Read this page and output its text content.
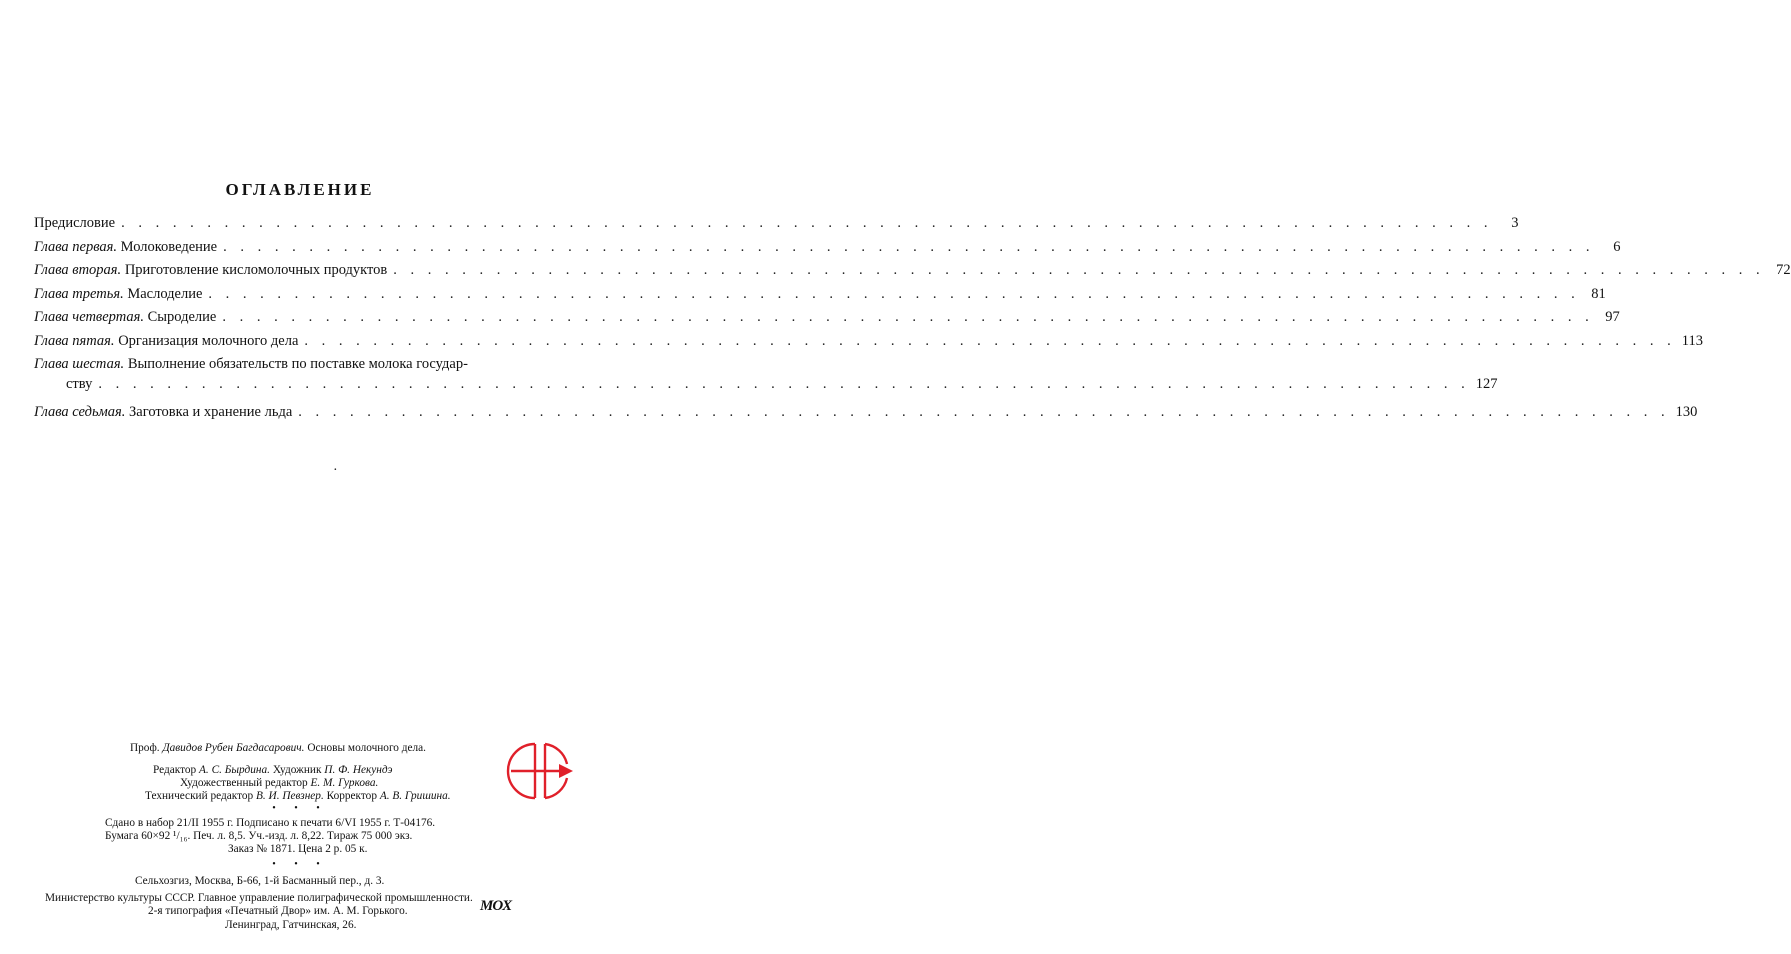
ОГЛАВЛЕНИЕ
Предисловие . . . . . . . . . . . . . . . . . . . . . . . . . . . . . . . . . . . . . . . . . . . . . . . . . . . . . . . . . . . . . . . . . . . . . . . . . . . . . . . .	3
Глава первая. Молоковедение . . . . . . . . . . . . . . . . . . . . . . . . . . . . . . . . . . . . . . . . . . . . . . . . . . . . . . . . . . . . . . . . . . . . . . . . . . . . . . . .	6
Глава вторая. Приготовление кисломолочных продуктов . . . . . . . . . . . . . . . . . . . . . . . . . . . . . . . . . . . . . . . . . . . . . . . . . . . . . . . . . . . . . . . . . . . . . . . . . . . . . . . . 72
Глава третья. Маслоделие . . . . . . . . . . . . . . . . . . . . . . . . . . . . . . . . . . . . . . . . . . . . . . . . . . . . . . . . . . . . . . . . . . . . . . . . . . . . . . . . 81
Глава четвертая. Сыроделие . . . . . . . . . . . . . . . . . . . . . . . . . . . . . . . . . . . . . . . . . . . . . . . . . . . . . . . . . . . . . . . . . . . . . . . . . . . . . . . . 97
Глава пятая. Организация молочного дела . . . . . . . . . . . . . . . . . . . . . . . . . . . . . . . . . . . . . . . . . . . . . . . . . . . . . . . . . . . . . . . . . . . . . . . . . . . . . . . . 113
Глава шестая. Выполнение обязательств по поставке молока государ-
ству . . . . . . . . . . . . . . . . . . . . . . . . . . . . . . . . . . . . . . . . . . . . . . . . . . . . . . . . . . . . . . . . . . . . . . . . . . . . . . . . 127
Глава седьмая. Заготовка и хранение льда . . . . . . . . . . . . . . . . . . . . . . . . . . . . . . . . . . . . . . . . . . . . . . . . . . . . . . . . . . . . . . . . . . . . . . . . . . . . . . . . 130
·
Проф. Давидов Рубен Багдасарович. Основы молочного дела.
Редактор А. С. Бырдина. Художник П. Ф. Некундэ
Художественный редактор Е. М. Гуркова.
Технический редактор В. И. Певзнер. Корректор А. В. Гришина.
• • •
Сдано в набор 21/II 1955 г. Подписано к печати 6/VI 1955 г. Т-04176.
Бумага 60×92 ¹/₁₆. Печ. л. 8,5. Уч.-изд. л. 8,22. Тираж 75 000 экз.
Заказ № 1871. Цена 2 р. 05 к.
• • •
Сельхозгиз, Москва, Б-66, 1-й Басманный пер., д. 3.
Министерство культуры СССР. Главное управление полиграфической промышленности.
2-я типография «Печатный Двор» им. А. М. Горького.
Ленинград, Гатчинская, 26.
MOX
